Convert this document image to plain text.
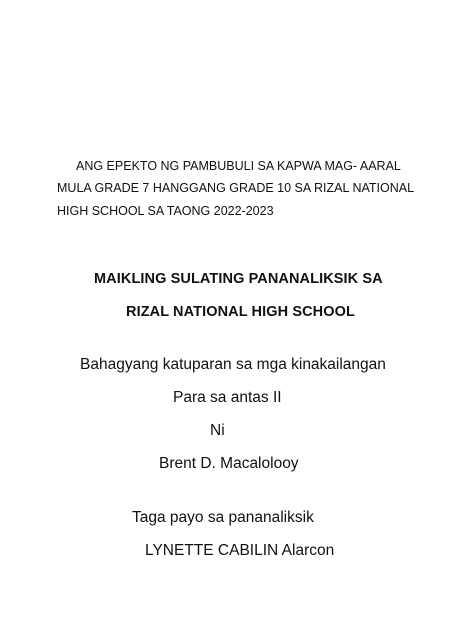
ANG EPEKTO NG PAMBUBULI SA KAPWA MAG- AARAL
MULA GRADE 7 HANGGANG GRADE 10 SA RIZAL NATIONAL
HIGH SCHOOL SA TAONG 2022-2023
MAIKLING SULATING PANANALIKSIK SA
RIZAL NATIONAL HIGH SCHOOL
Bahagyang katuparan sa mga kinakailangan
Para sa antas II
Ni
Brent D. Macalolooy
Taga payo sa pananaliksik
LYNETTE CABILIN Alarcon
